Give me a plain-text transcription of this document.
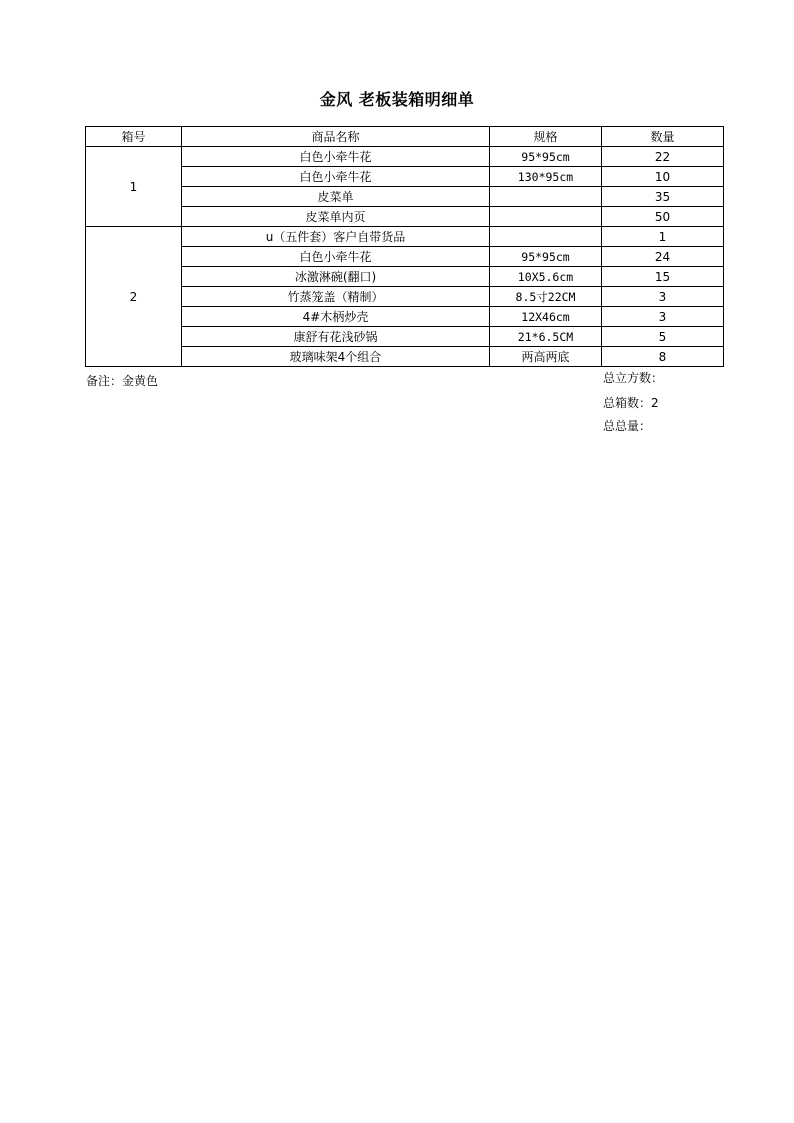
金风 老板装箱明细单
箱号	商品名称	规格	数量
1	白色小牵牛花	95*95cm	22
	白色小牵牛花	130*95cm	10
	皮菜单		35
	皮菜单内页		50
2	u（五件套）客户自带货品		1
	白色小牵牛花	95*95cm	24
	冰激淋碗(翻口)	10X5.6cm	15
	竹蒸笼盖（精制）	8.5寸22CM	3
	4#木柄炒壳	12X46cm	3
	康舒有花浅砂锅	21*6.5CM	5
	玻璃味架4个组合	两高两底	8
备注：金黄色	总立方数：
总箱数：2
总总量：
